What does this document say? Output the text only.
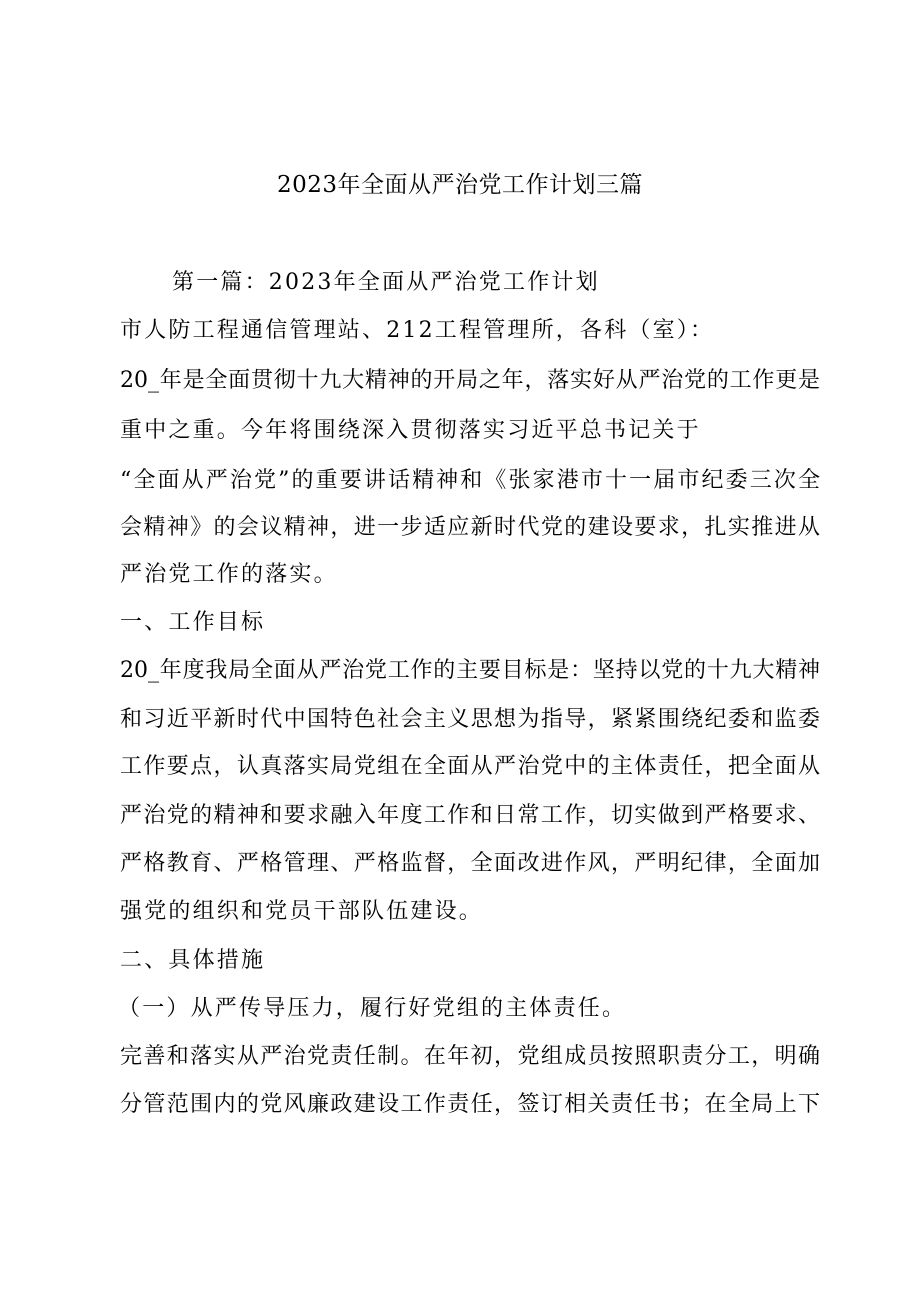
2023年全面从严治党工作计划三篇
第一篇：2023年全面从严治党工作计划
市人防工程通信管理站、212工程管理所，各科（室）：
20_年是全面贯彻十九大精神的开局之年，落实好从严治党的工作更是
重中之重。今年将围绕深入贯彻落实习近平总书记关于
“全面从严治党”的重要讲话精神和《张家港市十一届市纪委三次全
会精神》的会议精神，进一步适应新时代党的建设要求，扎实推进从
严治党工作的落实。
一、工作目标
20_年度我局全面从严治党工作的主要目标是：坚持以党的十九大精神
和习近平新时代中国特色社会主义思想为指导，紧紧围绕纪委和监委
工作要点，认真落实局党组在全面从严治党中的主体责任，把全面从
严治党的精神和要求融入年度工作和日常工作，切实做到严格要求、
严格教育、严格管理、严格监督，全面改进作风，严明纪律，全面加
强党的组织和党员干部队伍建设。
二、具体措施
（一）从严传导压力，履行好党组的主体责任。
完善和落实从严治党责任制。在年初，党组成员按照职责分工，明确
分管范围内的党风廉政建设工作责任，签订相关责任书；在全局上下
